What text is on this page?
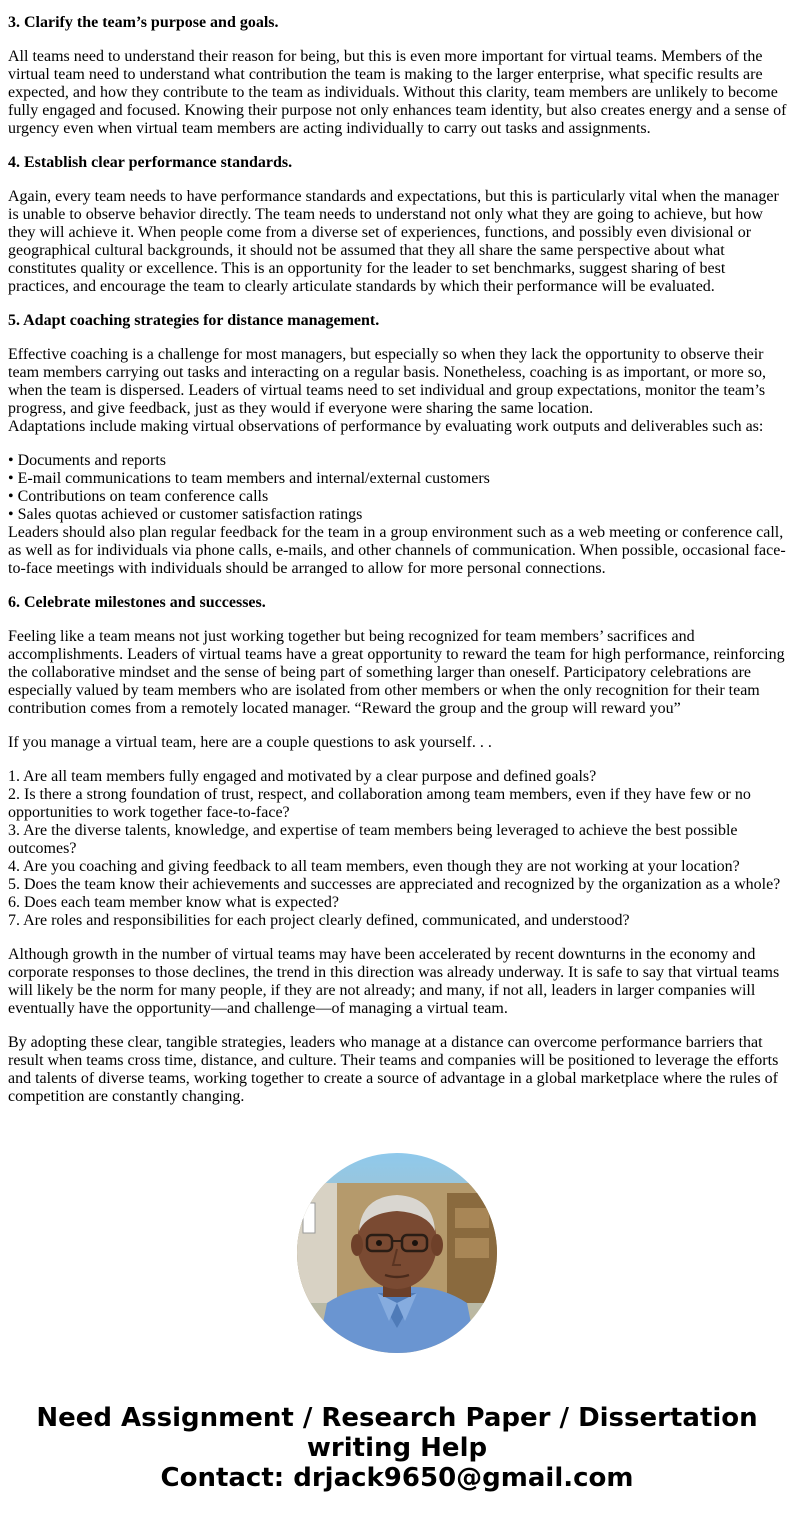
3. Clarify the team’s purpose and goals.

All teams need to understand their reason for being, but this is even more important for virtual teams. Members of the virtual team need to understand what contribution the team is making to the larger enterprise, what specific results are expected, and how they contribute to the team as individuals. Without this clarity, team members are unlikely to become fully engaged and focused. Knowing their purpose not only enhances team identity, but also creates energy and a sense of urgency even when virtual team members are acting individually to carry out tasks and assignments.

4. Establish clear performance standards.

Again, every team needs to have performance standards and expectations, but this is particularly vital when the manager is unable to observe behavior directly. The team needs to understand not only what they are going to achieve, but how they will achieve it. When people come from a diverse set of experiences, functions, and possibly even divisional or geographical cultural backgrounds, it should not be assumed that they all share the same perspective about what constitutes quality or excellence. This is an opportunity for the leader to set benchmarks, suggest sharing of best practices, and encourage the team to clearly articulate standards by which their performance will be evaluated.

5. Adapt coaching strategies for distance management.

Effective coaching is a challenge for most managers, but especially so when they lack the opportunity to observe their team members carrying out tasks and interacting on a regular basis. Nonetheless, coaching is as important, or more so, when the team is dispersed. Leaders of virtual teams need to set individual and group expectations, monitor the team’s progress, and give feedback, just as they would if everyone were sharing the same location.
Adaptations include making virtual observations of performance by evaluating work outputs and deliverables such as:

• Documents and reports
• E-mail communications to team members and internal/external customers
• Contributions on team conference calls
• Sales quotas achieved or customer satisfaction ratings
Leaders should also plan regular feedback for the team in a group environment such as a web meeting or conference call, as well as for individuals via phone calls, e-mails, and other channels of communication. When possible, occasional face-to-face meetings with individuals should be arranged to allow for more personal connections.

6. Celebrate milestones and successes.

Feeling like a team means not just working together but being recognized for team members’ sacrifices and accomplishments. Leaders of virtual teams have a great opportunity to reward the team for high performance, reinforcing the collaborative mindset and the sense of being part of something larger than oneself. Participatory celebrations are especially valued by team members who are isolated from other members or when the only recognition for their team contribution comes from a remotely located manager. “Reward the group and the group will reward you”

If you manage a virtual team, here are a couple questions to ask yourself. . .

1. Are all team members fully engaged and motivated by a clear purpose and defined goals?
2. Is there a strong foundation of trust, respect, and collaboration among team members, even if they have few or no opportunities to work together face-to-face?
3. Are the diverse talents, knowledge, and expertise of team members being leveraged to achieve the best possible outcomes?
4. Are you coaching and giving feedback to all team members, even though they are not working at your location?
5. Does the team know their achievements and successes are appreciated and recognized by the organization as a whole?
6. Does each team member know what is expected?
7. Are roles and responsibilities for each project clearly defined, communicated, and understood?

Although growth in the number of virtual teams may have been accelerated by recent downturns in the economy and corporate responses to those declines, the trend in this direction was already underway. It is safe to say that virtual teams will likely be the norm for many people, if they are not already; and many, if not all, leaders in larger companies will eventually have the opportunity—and challenge—of managing a virtual team.

By adopting these clear, tangible strategies, leaders who manage at a distance can overcome performance barriers that result when teams cross time, distance, and culture. Their teams and companies will be positioned to leverage the efforts and talents of diverse teams, working together to create a source of advantage in a global marketplace where the rules of competition are constantly changing.

Need Assignment / Research Paper / Dissertation
writing Help
Contact: drjack9650@gmail.com
